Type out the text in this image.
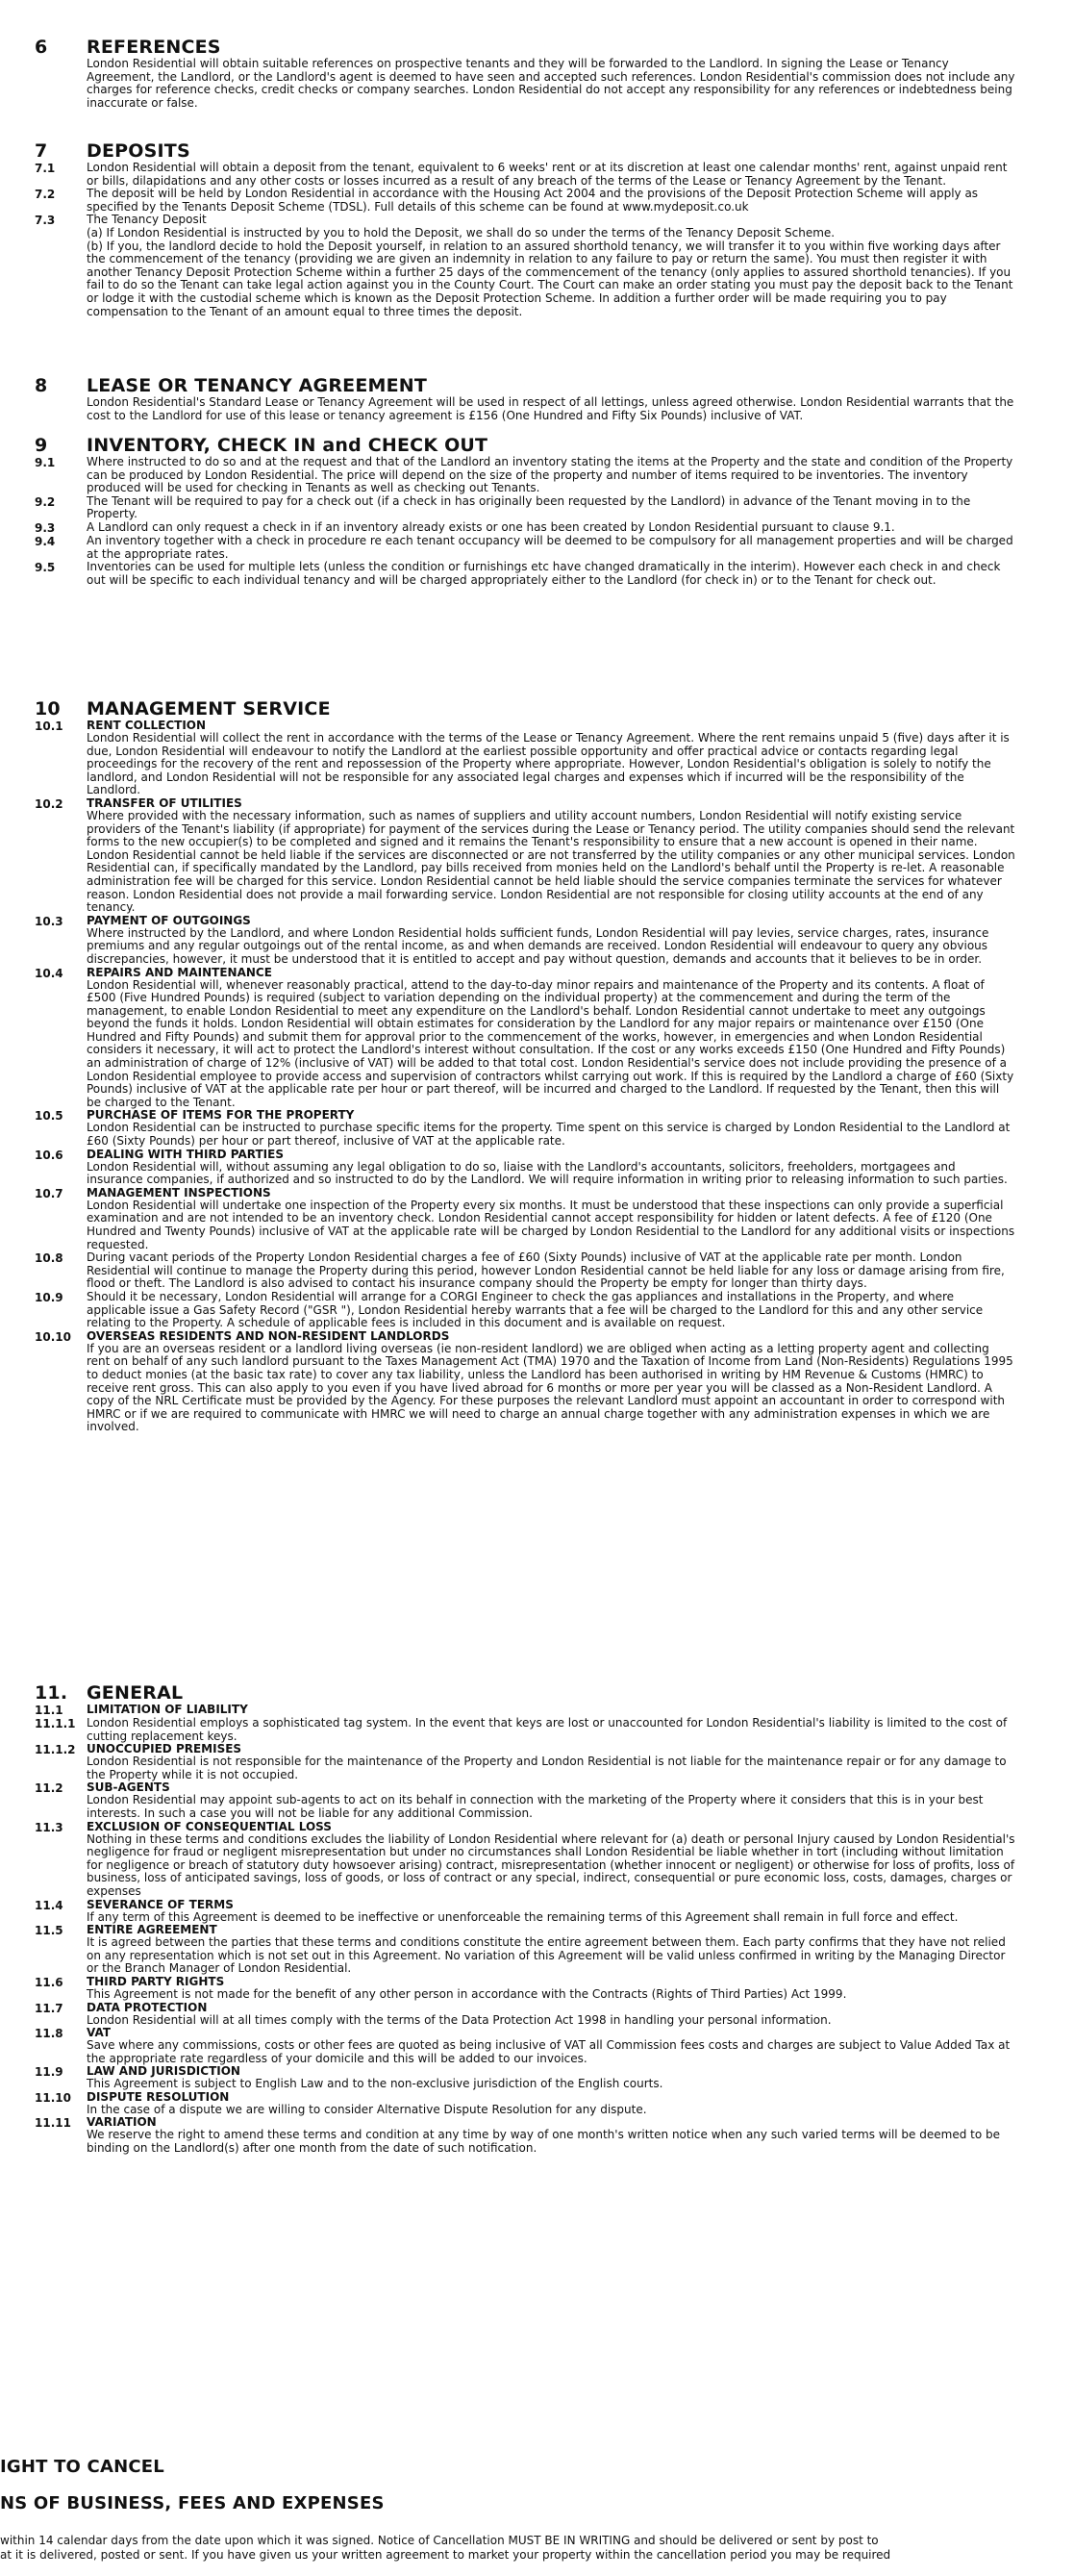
6	REFERENCES
London Residential will obtain suitable references on prospective tenants and they will be forwarded to the Landlord. In signing the Lease or Tenancy Agreement, the Landlord, or the Landlord's agent is deemed to have seen and accepted such references. London Residential's commission does not include any charges for reference checks, credit checks or company searches. London Residential do not accept any responsibility for any references or indebtedness being inaccurate or false.
7	DEPOSITS
7.1	London Residential will obtain a deposit from the tenant, equivalent to 6 weeks' rent or at its discretion at least one calendar months' rent, against unpaid rent or bills, dilapidations and any other costs or losses incurred as a result of any breach of the terms of the Lease or Tenancy Agreement by the Tenant.
7.2	The deposit will be held by London Residential in accordance with the Housing Act 2004 and the provisions of the Deposit Protection Scheme will apply as specified by the Tenants Deposit Scheme (TDSL). Full details of this scheme can be found at www.mydeposit.co.uk
7.3	The Tenancy Deposit
(a) If London Residential is instructed by you to hold the Deposit, we shall do so under the terms of the Tenancy Deposit Scheme.
(b) If you, the landlord decide to hold the Deposit yourself, in relation to an assured shorthold tenancy, we will transfer it to you within five working days after the commencement of the tenancy (providing we are given an indemnity in relation to any failure to pay or return the same). You must then register it with another Tenancy Deposit Protection Scheme within a further 25 days of the commencement of the tenancy (only applies to assured shorthold tenancies). If you fail to do so the Tenant can take legal action against you in the County Court. The Court can make an order stating you must pay the deposit back to the Tenant or lodge it with the custodial scheme which is known as the Deposit Protection Scheme. In addition a further order will be made requiring you to pay compensation to the Tenant of an amount equal to three times the deposit.
8	LEASE OR TENANCY AGREEMENT
London Residential's Standard Lease or Tenancy Agreement will be used in respect of all lettings, unless agreed otherwise. London Residential warrants that the cost to the Landlord for use of this lease or tenancy agreement is £156 (One Hundred and Fifty Six Pounds) inclusive of VAT.
9	INVENTORY, CHECK IN and CHECK OUT
9.1	Where instructed to do so and at the request and that of the Landlord an inventory stating the items at the Property and the state and condition of the Property can be produced by London Residential. The price will depend on the size of the property and number of items required to be inventories. The inventory produced will be used for checking in Tenants as well as checking out Tenants.
9.2	The Tenant will be required to pay for a check out (if a check in has originally been requested by the Landlord) in advance of the Tenant moving in to the Property.
9.3	A Landlord can only request a check in if an inventory already exists or one has been created by London Residential pursuant to clause 9.1.
9.4	An inventory together with a check in procedure re each tenant occupancy will be deemed to be compulsory for all management properties and will be charged at the appropriate rates.
9.5	Inventories can be used for multiple lets (unless the condition or furnishings etc have changed dramatically in the interim). However each check in and check out will be specific to each individual tenancy and will be charged appropriately either to the Landlord (for check in) or to the Tenant for check out.
10	MANAGEMENT SERVICE
10.1	RENT COLLECTION
London Residential will collect the rent in accordance with the terms of the Lease or Tenancy Agreement. Where the rent remains unpaid 5 (five) days after it is due, London Residential will endeavour to notify the Landlord at the earliest possible opportunity and offer practical advice or contacts regarding legal proceedings for the recovery of the rent and repossession of the Property where appropriate. However, London Residential's obligation is solely to notify the landlord, and London Residential will not be responsible for any associated legal charges and expenses which if incurred will be the responsibility of the Landlord.
10.2	TRANSFER OF UTILITIES
Where provided with the necessary information, such as names of suppliers and utility account numbers, London Residential will notify existing service providers of the Tenant's liability (if appropriate) for payment of the services during the Lease or Tenancy period. The utility companies should send the relevant forms to the new occupier(s) to be completed and signed and it remains the Tenant's responsibility to ensure that a new account is opened in their name. London Residential cannot be held liable if the services are disconnected or are not transferred by the utility companies or any other municipal services. London Residential can, if specifically mandated by the Landlord, pay bills received from monies held on the Landlord's behalf until the Property is re-let. A reasonable administration fee will be charged for this service. London Residential cannot be held liable should the service companies terminate the services for whatever reason. London Residential does not provide a mail forwarding service. London Residential are not responsible for closing utility accounts at the end of any tenancy.
10.3	PAYMENT OF OUTGOINGS
Where instructed by the Landlord, and where London Residential holds sufficient funds, London Residential will pay levies, service charges, rates, insurance premiums and any regular outgoings out of the rental income, as and when demands are received. London Residential will endeavour to query any obvious discrepancies, however, it must be understood that it is entitled to accept and pay without question, demands and accounts that it believes to be in order.
10.4	REPAIRS AND MAINTENANCE
London Residential will, whenever reasonably practical, attend to the day-to-day minor repairs and maintenance of the Property and its contents. A float of £500 (Five Hundred Pounds) is required (subject to variation depending on the individual property) at the commencement and during the term of the management, to enable London Residential to meet any expenditure on the Landlord's behalf. London Residential cannot undertake to meet any outgoings beyond the funds it holds. London Residential will obtain estimates for consideration by the Landlord for any major repairs or maintenance over £150 (One Hundred and Fifty Pounds) and submit them for approval prior to the commencement of the works, however, in emergencies and when London Residential considers it necessary, it will act to protect the Landlord's interest without consultation. If the cost or any works exceeds £150 (One Hundred and Fifty Pounds) an administration of charge of 12% (inclusive of VAT) will be added to that total cost. London Residential's service does not include providing the presence of a London Residential employee to provide access and supervision of contractors whilst carrying out work. If this is required by the Landlord a charge of £60 (Sixty Pounds) inclusive of VAT at the applicable rate per hour or part thereof, will be incurred and charged to the Landlord. If requested by the Tenant, then this will be charged to the Tenant.
10.5	PURCHASE OF ITEMS FOR THE PROPERTY
London Residential can be instructed to purchase specific items for the property. Time spent on this service is charged by London Residential to the Landlord at £60 (Sixty Pounds) per hour or part thereof, inclusive of VAT at the applicable rate.
10.6	DEALING WITH THIRD PARTIES
London Residential will, without assuming any legal obligation to do so, liaise with the Landlord's accountants, solicitors, freeholders, mortgagees and insurance companies, if authorized and so instructed to do by the Landlord. We will require information in writing prior to releasing information to such parties.
10.7	MANAGEMENT INSPECTIONS
London Residential will undertake one inspection of the Property every six months. It must be understood that these inspections can only provide a superficial examination and are not intended to be an inventory check. London Residential cannot accept responsibility for hidden or latent defects. A fee of £120 (One Hundred and Twenty Pounds) inclusive of VAT at the applicable rate will be charged by London Residential to the Landlord for any additional visits or inspections requested.
10.8	During vacant periods of the Property London Residential charges a fee of £60 (Sixty Pounds) inclusive of VAT at the applicable rate per month. London Residential will continue to manage the Property during this period, however London Residential cannot be held liable for any loss or damage arising from fire, flood or theft. The Landlord is also advised to contact his insurance company should the Property be empty for longer than thirty days.
10.9	Should it be necessary, London Residential will arrange for a CORGI Engineer to check the gas appliances and installations in the Property, and where applicable issue a Gas Safety Record ("GSR "), London Residential hereby warrants that a fee will be charged to the Landlord for this and any other service relating to the Property. A schedule of applicable fees is included in this document and is available on request.
10.10	OVERSEAS RESIDENTS AND NON-RESIDENT LANDLORDS
If you are an overseas resident or a landlord living overseas (ie non-resident landlord) we are obliged when acting as a letting property agent and collecting rent on behalf of any such landlord pursuant to the Taxes Management Act (TMA) 1970 and the Taxation of Income from Land (Non-Residents) Regulations 1995 to deduct monies (at the basic tax rate) to cover any tax liability, unless the Landlord has been authorised in writing by HM Revenue & Customs (HMRC) to receive rent gross. This can also apply to you even if you have lived abroad for 6 months or more per year you will be classed as a Non-Resident Landlord. A copy of the NRL Certificate must be provided by the Agency. For these purposes the relevant Landlord must appoint an accountant in order to correspond with HMRC or if we are required to communicate with HMRC we will need to charge an annual charge together with any administration expenses in which we are involved.
11.	GENERAL
11.1	LIMITATION OF LIABILITY
11.1.1 London Residential employs a sophisticated tag system. In the event that keys are lost or unaccounted for London Residential's liability is limited to the cost of cutting replacement keys.
11.1.2 UNOCCUPIED PREMISES
London Residential is not responsible for the maintenance of the Property and London Residential is not liable for the maintenance repair or for any damage to the Property while it is not occupied.
11.2	SUB-AGENTS
London Residential may appoint sub-agents to act on its behalf in connection with the marketing of the Property where it considers that this is in your best interests. In such a case you will not be liable for any additional Commission.
11.3	EXCLUSION OF CONSEQUENTIAL LOSS
Nothing in these terms and conditions excludes the liability of London Residential where relevant for (a) death or personal Injury caused by London Residential's negligence for fraud or negligent misrepresentation but under no circumstances shall London Residential be liable whether in tort (including without limitation for negligence or breach of statutory duty howsoever arising) contract, misrepresentation (whether innocent or negligent) or otherwise for loss of profits, loss of business, loss of anticipated savings, loss of goods, or loss of contract or any special, indirect, consequential or pure economic loss, costs, damages, charges or expenses
11.4	SEVERANCE OF TERMS
If any term of this Agreement is deemed to be ineffective or unenforceable the remaining terms of this Agreement shall remain in full force and effect.
11.5	ENTIRE AGREEMENT
It is agreed between the parties that these terms and conditions constitute the entire agreement between them. Each party confirms that they have not relied on any representation which is not set out in this Agreement. No variation of this Agreement will be valid unless confirmed in writing by the Managing Director or the Branch Manager of London Residential.
11.6	THIRD PARTY RIGHTS
This Agreement is not made for the benefit of any other person in accordance with the Contracts (Rights of Third Parties) Act 1999.
11.7	DATA PROTECTION
London Residential will at all times comply with the terms of the Data Protection Act 1998 in handling your personal information.
11.8	VAT
Save where any commissions, costs or other fees are quoted as being inclusive of VAT all Commission fees costs and charges are subject to Value Added Tax at the appropriate rate regardless of your domicile and this will be added to our invoices.
11.9	LAW AND JURISDICTION
This Agreement is subject to English Law and to the non-exclusive jurisdiction of the English courts.
11.10	DISPUTE RESOLUTION
In the case of a dispute we are willing to consider Alternative Dispute Resolution for any dispute.
11.11	VARIATION
We reserve the right to amend these terms and condition at any time by way of one month's written notice when any such varied terms will be deemed to be binding on the Landlord(s) after one month from the date of such notification.
IGHT TO CANCEL
NS OF BUSINESS, FEES AND EXPENSES
within 14 calendar days from the date upon which it was signed. Notice of Cancellation MUST BE IN WRITING and should be delivered or sent by post to
at it is delivered, posted or sent. If you have given us your written agreement to market your property within the cancellation period you may be required
